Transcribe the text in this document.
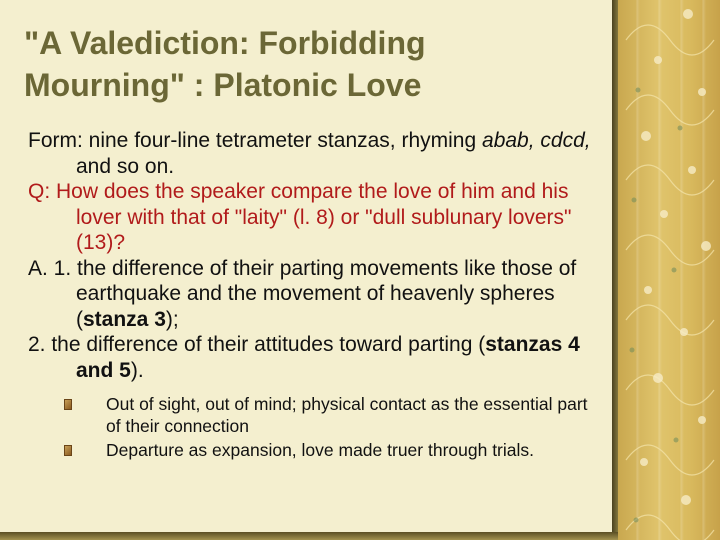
"A Valediction: Forbidding Mourning" : Platonic Love

Form: nine four-line tetrameter stanzas, rhyming abab, cdcd, and so on.

Q: How does the speaker compare the love of him and his lover with that of "laity" (l. 8) or "dull sublunary lovers" (13)?

A. 1. the difference of their parting movements like those of earthquake and the movement of heavenly spheres (stanza 3);

2. the difference of their attitudes toward parting (stanzas 4 and 5).

Out of sight, out of mind; physical contact as the essential part of their connection
Departure as expansion, love made truer through trials.
